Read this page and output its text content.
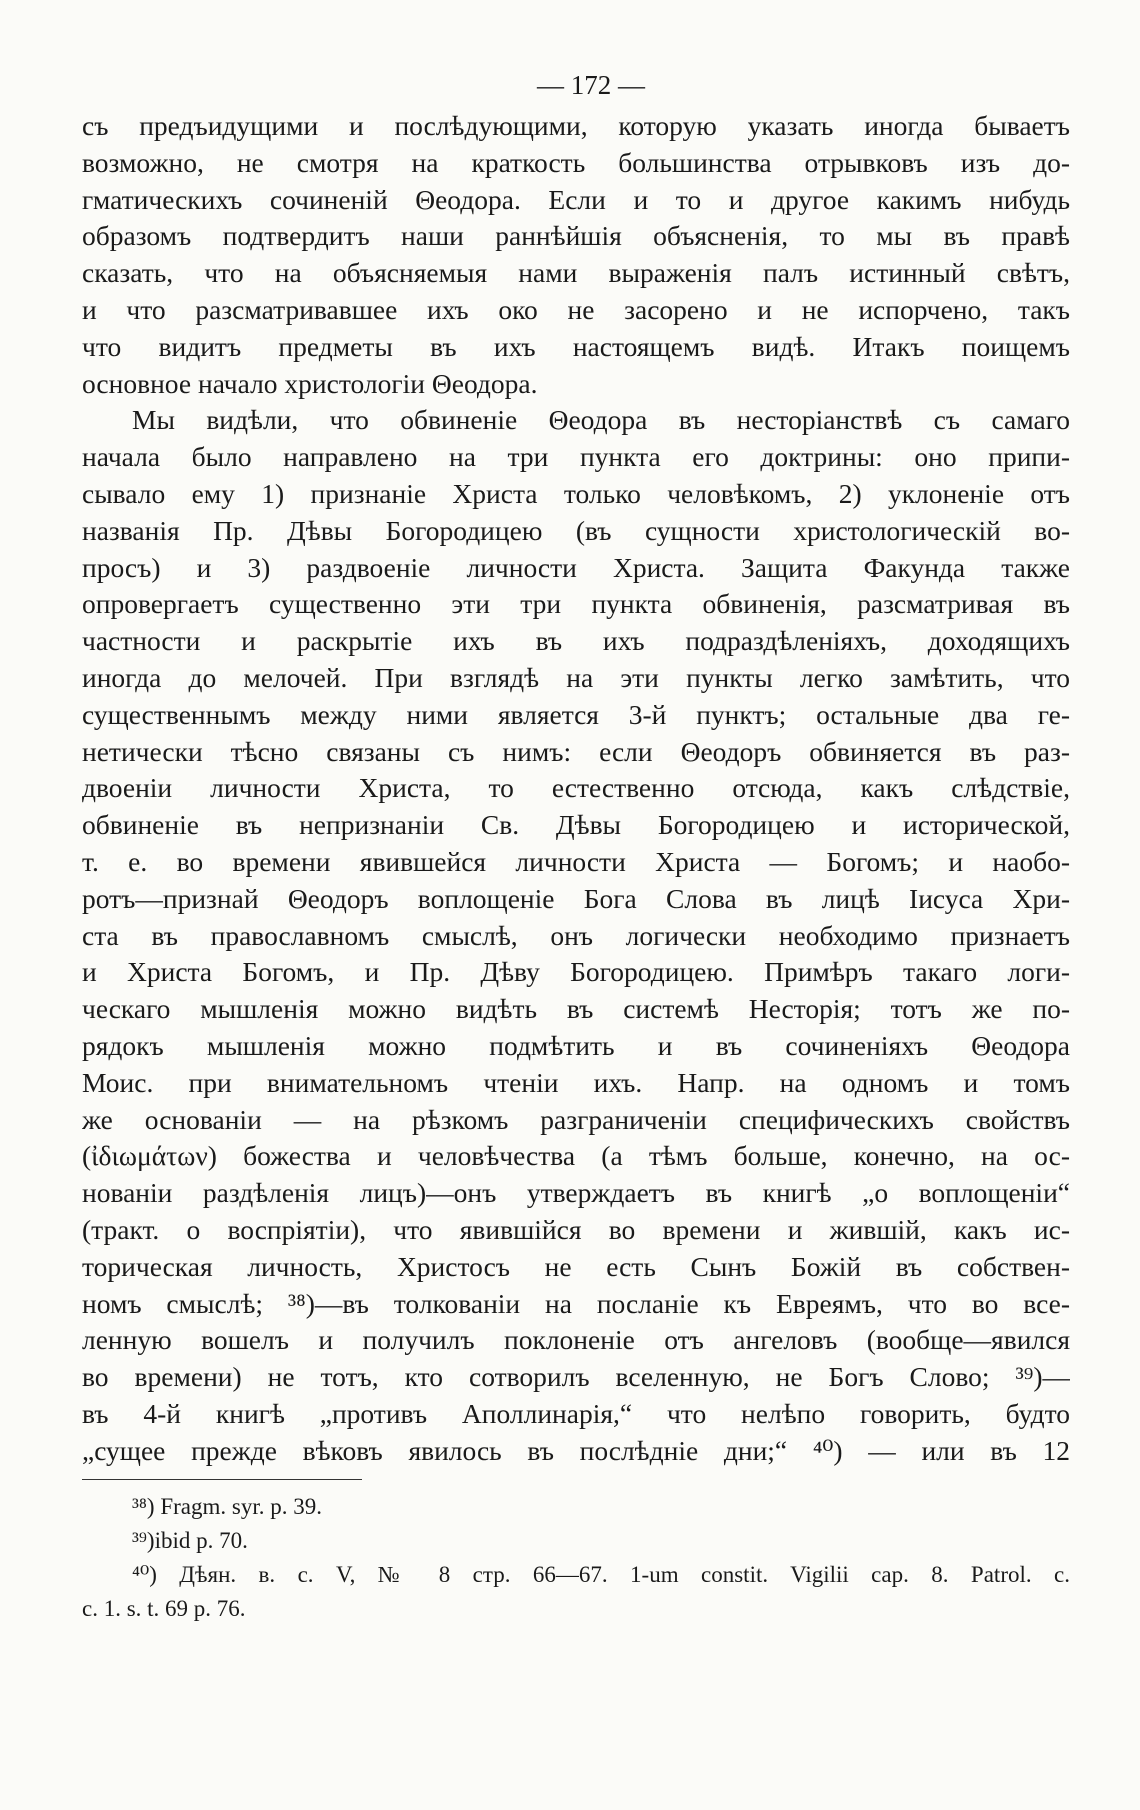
— 172 —
съ предъидущими и послѣдующими, которую указать иногда бываетъ
возможно, не смотря на краткость большинства отрывковъ изъ до-
гматическихъ сочиненій Θеодора. Если и то и другое какимъ нибудь
образомъ подтвердитъ наши раннѣйшія объясненія, то мы въ правѣ
сказать, что на объясняемыя нами выраженія палъ истинный свѣтъ,
и что разсматривавшее ихъ око не засорено и не испорчено, такъ
что видитъ предметы въ ихъ настоящемъ видѣ. Итакъ поищемъ
основное начало христологіи Θеодора.
Мы видѣли, что обвиненіе Θеодора въ несторіанствѣ съ самаго
начала было направлено на три пункта его доктрины: оно припи-
сывало ему 1) признаніе Христа только человѣкомъ, 2) уклоненіе отъ
названія Пр. Дѣвы Богородицею (въ сущности христологическій во-
просъ) и 3) раздвоеніе личности Христа. Защита Факунда также
опровергаетъ существенно эти три пункта обвиненія, разсматривая въ
частности и раскрытіе ихъ въ ихъ подраздѣленіяхъ, доходящихъ
иногда до мелочей. При взглядѣ на эти пункты легко замѣтить, что
существеннымъ между ними является 3-й пунктъ; остальные два ге-
нетически тѣсно связаны съ нимъ: если Θеодоръ обвиняется въ раз-
двоеніи личности Христа, то естественно отсюда, какъ слѣдствіе,
обвиненіе въ непризнаніи Св. Дѣвы Богородицею и исторической,
т. е. во времени явившейся личности Христа — Богомъ; и наобо-
ротъ—признай Θеодоръ воплощеніе Бога Слова въ лицѣ Іисуса Хри-
ста въ православномъ смыслѣ, онъ логически необходимо признаетъ
и Христа Богомъ, и Пр. Дѣву Богородицею. Примѣръ такаго логи-
ческаго мышленія можно видѣть въ системѣ Несторія; тотъ же по-
рядокъ мышленія можно подмѣтить и въ сочиненіяхъ Θеодора
Моис. при внимательномъ чтеніи ихъ. Напр. на одномъ и томъ
же основаніи — на рѣзкомъ разграниченіи специфическихъ свойствъ
(ἰδιωμάτων) божества и человѣчества (а тѣмъ больше, конечно, на ос-
нованіи раздѣленія лицъ)—онъ утверждаетъ въ книгѣ „о воплощеніи“
(тракт. о воспріятіи), что явившійся во времени и жившій, какъ ис-
торическая личность, Христосъ не есть Сынъ Божій въ собствен-
номъ смыслѣ; ³⁸)—въ толкованіи на посланіе къ Евреямъ, что во все-
ленную вошелъ и получилъ поклоненіе отъ ангеловъ (вообще—явился
во времени) не тотъ, кто сотворилъ вселенную, не Богъ Слово; ³⁹)—
въ 4-й книгѣ „противъ Аполлинарія,“ что нелѣпо говорить, будто
„сущее прежде вѣковъ явилось въ послѣдніе дни;“ ⁴⁰) — или въ 12
³⁸) Fragm. syr. p. 39.
³⁹)ibid p. 70.
⁴⁰) Дѣян. в. с. V, № 8 стр. 66—67. 1-um constit. Vigilii cap. 8. Patrol. c.
c. 1. s. t. 69 p. 76.
